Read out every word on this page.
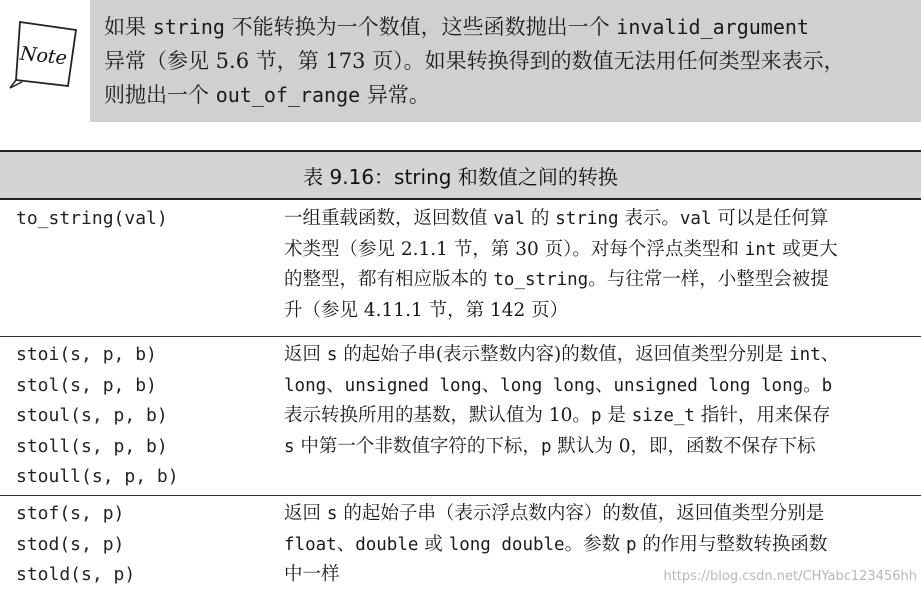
Note
如果 string 不能转换为一个数值，这些函数抛出一个 invalid_argument
异常（参见 5.6 节，第 173 页）。如果转换得到的数值无法用任何类型来表示，
则抛出一个 out_of_range 异常。
表 9.16：string 和数值之间的转换
to_string(val)	一组重载函数，返回数值 val 的 string 表示。val 可以是任何算
术类型（参见 2.1.1 节，第 30 页）。对每个浮点类型和 int 或更大
的整型，都有相应版本的 to_string。与往常一样，小整型会被提
升（参见 4.11.1 节，第 142 页）
stoi(s, p, b)
stol(s, p, b)
stoul(s, p, b)
stoll(s, p, b)
stoull(s, p, b)
返回 s 的起始子串(表示整数内容)的数值，返回值类型分别是 int、
long、unsigned long、long long、unsigned long long。b
表示转换所用的基数，默认值为 10。p 是 size_t 指针，用来保存
s 中第一个非数值字符的下标，p 默认为 0，即，函数不保存下标
stof(s, p)
stod(s, p)
stold(s, p)
返回 s 的起始子串（表示浮点数内容）的数值，返回值类型分别是
float、double 或 long double。参数 p 的作用与整数转换函数
中一样	https://blog.csdn.net/CHYabc123456hh
